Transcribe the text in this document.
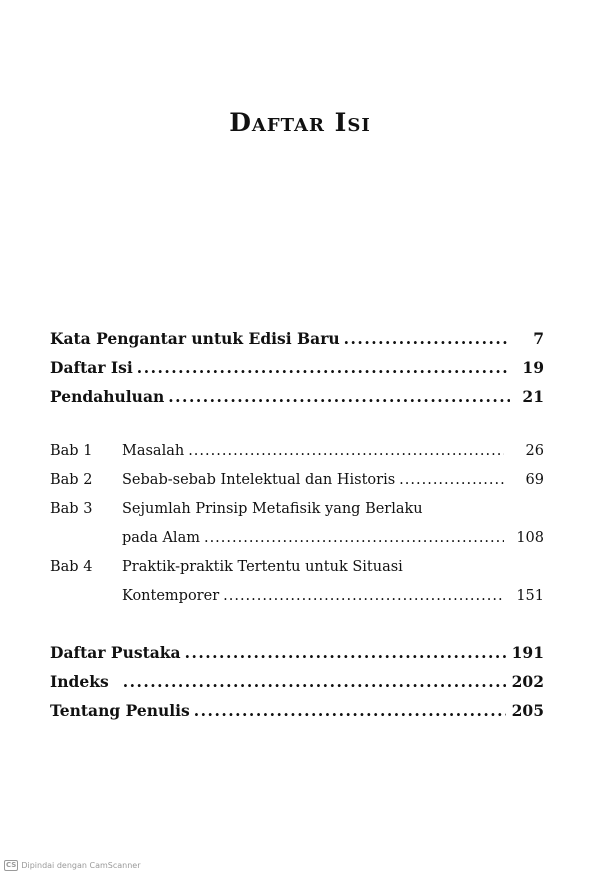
Daftar Isi
Kata Pengantar untuk Edisi Baru .....	7
Daftar Isi .....	19
Pendahuluan .....	21
Bab 1	Masalah .....	26
Bab 2	Sebab-sebab Intelektual dan Historis .....	69
Bab 3	Sejumlah Prinsip Metafisik yang Berlaku
pada Alam .....	108
Bab 4	Praktik-praktik Tertentu untuk Situasi
Kontemporer .....	151
Daftar Pustaka .....	191
Indeks .....	202
Tentang Penulis .....	205
CS Dipindai dengan CamScanner
